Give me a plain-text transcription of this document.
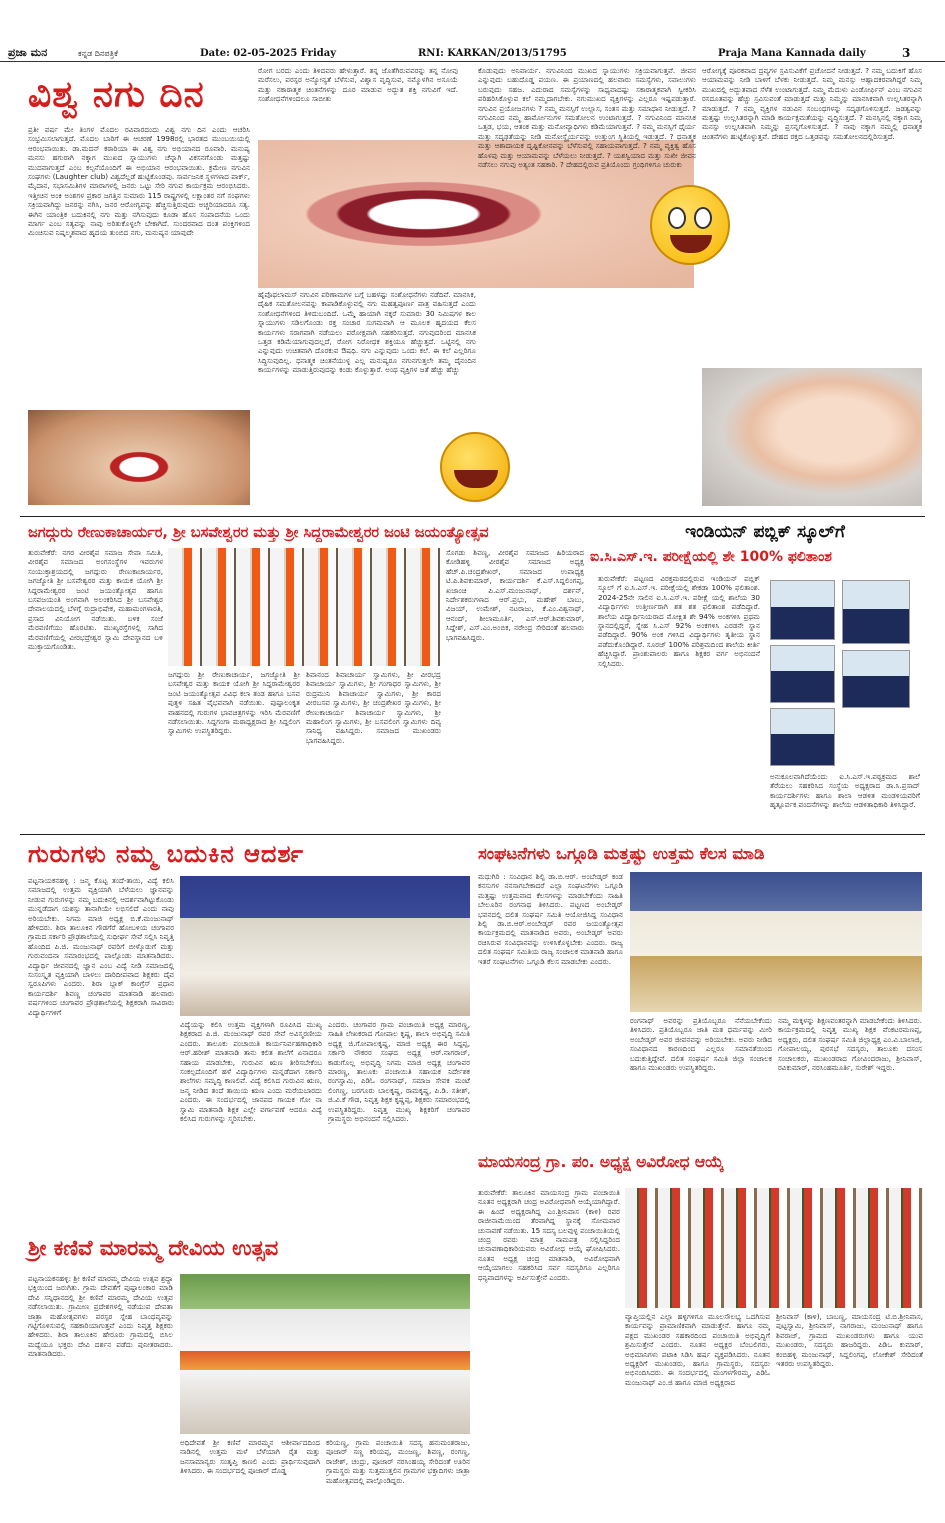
ಪ್ರಜಾ ಮನ	ಕನ್ನಡ ದಿನಪತ್ರಿಕೆ	Date: 02-05-2025 Friday	RNI: KARKAN/2013/51795	Praja Mana Kannada daily	3
ವಿಶ್ವ ನಗು ದಿನ
ಪ್ರತೀ ವರ್ಷ ಮೇ ತಿಂಗಳ ಮೊದಲ ರವಿವಾರದಂದು ವಿಶ್ವ ನಗು ದಿನ ಎಂದು ಆಚರಿಸಿ ಸಂಭ್ರಮಿಸಲಾಗುತ್ತದೆ. ಮೊದಲ ಬಾರಿಗೆ ಈ ಆಚರಣೆ 1998ರಲ್ಲಿ ಭಾರತದ ಮುಂಬಯಿಯಲ್ಲಿ ಆರಂಭವಾಯಿತು. ಡಾ.ಮದನ್ ಕಠಾರಿಯಾ ಈ ವಿಶ್ವ ನಗು ಅಭಿಯಾನದ ರೂವಾರಿ. ಮನುಷ್ಯ ಮನಸು ಹಗುರಾಗಿ ನಕ್ಕಾಗ ಮುಖದ ಸ್ನಾಯುಗಳು ಚೆನ್ನಾಗಿ ವಿಕಸನಗೊಂಡು ಮತ್ತಷ್ಟು ಮುದವಾಗುತ್ತದೆ ಎಂಬ ಕಲ್ಪನೆಯೊಂದಿಗೆ ಈ ಅಭಿಯಾನ ಆರಂಭವಾಯಿತು. ಕ್ರಮೇಣ ನಗುವಿನ ಸಂಘಗಳು (Laughter club) ವಿಶ್ವದೆಲ್ಲಡೆ ಹುಟ್ಟಿಕೊಂಡವು. ಸಾರ್ವಜನಿಕ ಸ್ಥಳಗಳಾದ ಪಾರ್ಕ್, ಮೈದಾನ, ಸಭಾಸಮಿತಿಗಳ ಮಾರಾಗಳಲ್ಲಿ ಜನರು ಒಟ್ಟು ಸೇರಿ ನಗುವ ಕಾರ್ಯಕ್ರಮ ಆರಂಭಿಸಿದರು. ಇತ್ತೀಚಿನ ಅಂಕಿ ಅಂಶಗಳ ಪ್ರಕಾರ ಜಗತ್ತಿನ ಸುಮಾರು 115 ರಾಷ್ಟ್ರಗಳಲ್ಲಿ ಲಕ್ಷಾಂತರ ನಗೆ ಸಂಘಗಳು ಸಕ್ರಿಯವಾಗಿದ್ದು ಜನರನ್ನು ನಗಿಸಿ, ಜನರ ಆರೋಗ್ಯವನ್ನು ಹೆಚ್ಚಿಸುತ್ತಿರುವುದು ಅಚ್ಚರಿಯಾದರೂ ಸತ್ಯ. ಈಗಿನ ಯಾಂತ್ರಿಕ ಬದುಕಿನಲ್ಲಿ ನಗು ಮತ್ತು ನಗಿಸುವುದು ಕೂಡಾ ಹೊಸ ಸಂಪಾದನೆಯ ಒಂದು ಮಾರ್ಗ ಎಂಬ ಸತ್ಯವನ್ನು ನಾವು ಅರಿತುಕೊಳ್ಳಲೇ ಬೇಕಾಗಿದೆ. ಸುಂದರವಾದ ದಂತ ಪಂಕ್ತಿಗಳಿಂದ ಮಿಂಚಿಸುವ ನಿಷ್ಕಲ್ಮಶವಾದ ಹೃದಯ ತುಂಬಿದ ನಗು, ಮನುಷ್ಯನ ಯಾವುದೇ
ರೋಗ ಬರದು ಎಂದು ತಿಳಿದವರು ಹೇಳುತ್ತಾರೆ. ತನ್ನ ಜೊತೆಗಿರುವವರನ್ನು ತನ್ನ ನೋವು ಮರೆಸಲು, ಪರಸ್ಪರ ಅನ್ಯೋನ್ಯತೆ ಬೆಳೆಸುವ, ವಿಶ್ವಾಸ ವೃದ್ಧಿಸುವ, ನಮ್ಮೊಳಗಿನ ಅಸೂಯೆ ಮತ್ತು ನಕಾರಾತ್ಮಕ ಚಿಂತನೆಗಳನ್ನು ದೂರ ಮಾಡುವ ಅದ್ಭುತ ಶಕ್ತಿ ನಗುವಿಗೆ ಇದೆ. ಸಂಶೋಧನೆಗಳಿಂದಲೂ ಸಾಬೀತು
ಹೈಪೊಥಲಾಮಸ್ ನಗುವಿನ ಪರಿಣಾಮಗಳ ಬಗ್ಗೆ ಬಹಳಷ್ಟು ಸಂಶೋಧನೆಗಳು ನಡೆದಿವೆ. ಮಾನಸಿಕ, ದೈಹಿಕ ಸಮತೋಲನವನ್ನು ಕಾಪಾಡಿಕೊಳ್ಳುವಲ್ಲಿ ನಗು ಮಹತ್ವಪೂರ್ಣ ಪಾತ್ರ ವಹಿಸುತ್ತದೆ ಎಂದು ಸಂಶೋಧನೆಗಳಿಂದ ತಿಳಿದುಬಂದಿದೆ. ಒಮ್ಮೆ ಹಾಯಾಗಿ ನಕ್ಕರೆ ಸುಮಾರು 30 ನಿಮಿಷಗಳ ಕಾಲ ಸ್ನಾಯುಗಳು ಸಡಿಲಗೊಂಡು ರಕ್ತ ಸಂಚಾರ ಸುಗಮವಾಗಿ ಆ ಮೂಲಕ ಹೃದಯದ ಕೆಲಸ ಕಾರ್ಯಗಳು ಸರಾಗವಾಗಿ ನಡೆಯಲು ಪರೋಕ್ಷವಾಗಿ ಸಹಕರಿಸುತ್ತದೆ. ನಗುವುದರಿಂದ ಮಾನಸಿಕ ಒತ್ತಡ ಕಡಿಮೆಯಾಗುವುದಲ್ಲದೆ, ರೋಗ ನಿರೋಧಕ ಶಕ್ತಿಯೂ ಹೆಚ್ಚುತ್ತದೆ. ಒಟ್ಟಿನಲ್ಲಿ ನಗು ಎನ್ನುವುದು ಉಚಿತವಾಗಿ ದೊರಕುವ ಔಷಧಿ. ನಗು ಎನ್ನುವುದು ಒಂದು ಕಲೆ. ಈ ಕಲೆ ಎಲ್ಲರಿಗೂ ಸಿದ್ಧಿಸುವುದಿಲ್ಲ. ಧನಾತ್ಮಕ ಚಿಂತನೆಯುಳ್ಳ ಎಲ್ಲ ಮನುಷ್ಯರೂ ನಗುನಗುತ್ತಲೇ ತಮ್ಮ ದೈನಂದಿನ ಕಾರ್ಯಗಳನ್ನು ಮಾಡುತ್ತಿರುವುದನ್ನು ಕಂಡು ಕೊಳ್ಳುತ್ತಾರೆ. ಅಂಥ ವ್ಯಕ್ತಿಗಳ ಜತೆ ಹೆಚ್ಚು ಹೆಚ್ಚು
ಕೊಡುವುದು ಅನಿವಾರ್ಯ. ನಗುವಿನಿಂದ ಮುಖದ ಸ್ನಾಯುಗಳು ಸಕ್ರಿಯವಾಗುತ್ತವೆ. ಜೀವನ ಎನ್ನುವುದು ಬಹುದೊಡ್ಡ ಪಯಣ. ಈ ಪ್ರಯಾಣದಲ್ಲಿ ಹಲವಾರು ಸಮಸ್ಯೆಗಳು, ಸವಾಲುಗಳು ಬರುವುದು ಸಹಜ. ಎದುರಾದ ಸಮಸ್ಯೆಗಳನ್ನು ಸಾಧ್ಯವಾದಷ್ಟು ಸಕಾರಾತ್ಮಕವಾಗಿ ಸ್ವೀಕರಿಸಿ ಪರಿಹರಿಸಿಕೊಳ್ಳುವ ಕಲೆ ನಮ್ಮದಾಗಬೇಕು. ನಗುಮುಖದ ವ್ಯಕ್ತಿಗಳನ್ನು ಎಲ್ಲರೂ ಇಷ್ಟಪಡುತ್ತಾರೆ. ನಗುವಿನ ಪ್ರಯೋಜನಗಳು ? ನಮ್ಮ ಮನಸ್ಸಿಗೆ ಉಲ್ಲಾಸ, ಸಂತಸ ಮತ್ತು ಸಮಾಧಾನ ನೀಡುತ್ತದೆ. ? ನಗುವಿನಿಂದ ನಮ್ಮ ಹಾರ್ಮೋನುಗಳ ಸಮತೋಲನ ಉಂಟಾಗುತ್ತದೆ. ? ನಗುವಿನಿಂದ ಮಾನಸಿಕ ಒತ್ತಡ, ಭಯ, ಆತಂಕ ಮತ್ತು ಮನೋವ್ಯಾಧಿಗಳು ಕಡಿಮೆಯಾಗುತ್ತವೆ. ? ನಮ್ಮ ಮನಸ್ಸಿಗೆ ಧೈರ್ಯ ಮತ್ತು ಸದೃಢತೆಯನ್ನು ನೀಡಿ ಮನೋಸ್ಥೈರ್ಯವನ್ನು ಉತ್ತುಂಗ ಸ್ಥಿತಿಯಲ್ಲಿ ಇಡುತ್ತದೆ. ? ಧನಾತ್ಮಕ ಮತ್ತು ಆಶಾದಾಯಕ ದೃಷ್ಟಿಕೋನವನ್ನು ಬೆಳೆಸುವಲ್ಲಿ ಸಹಾಯವಾಗುತ್ತದೆ. ? ನಮ್ಮ ವ್ಯಕ್ತಿತ್ವ ಹೊಸ ಹೊಳಪು ಮತ್ತು ಆಯಾಮವನ್ನು ಬೆಳೆಯಲು ನೀಡುತ್ತದೆ. ? ಯಶಸ್ವಿಯಾದ ಮತ್ತು ಸುಖೀ ಜೀವನ ನಡೆಸಲು ನಗುವು ಅತ್ಯಂತ ಸಹಕಾರಿ. ? ದೇಹದಲ್ಲಿರುವ ಪ್ರತಿಯೊಂದು ಗ್ರಂಥಿಗಳಿಗೂ ಚುರುಕು
ಆರೋಗ್ಯಕ್ಕೆ ಪೂರಕವಾದ ದ್ರವ್ಯಗಳ ಸ್ರವಿಸುವಿಕೆಗೆ ಪ್ರಚೋದನೆ ನೀಡುತ್ತದೆ. ? ನಮ್ಮ ಬದುಕಿಗೆ ಹೊಸ ಆಯಾಮವನ್ನು ನೀಡಿ ಬಾಳಿಗೆ ಬೆಳಕು ನೀಡುತ್ತದೆ. ನಿಮ್ಮ ಮನಸ್ಸು ಆಹ್ಲಾದಕರವಾಗಿದ್ದರೆ ನಿಮ್ಮ ಮುಖದಲ್ಲಿ ಅದ್ಭುತವಾದ ಸೆಳೆತ ಉಂಟಾಗುತ್ತದೆ. ನಿಮ್ಮ ಮೆದುಳು ಎಂಡೋರ್ಫಿನ್ ಎಂಬ ನಗುವಿನ ರಸದೂತವನ್ನು ಹೆಚ್ಚು ಸ್ರವಿಸುವಂತೆ ಮಾಡುತ್ತದೆ ಮತ್ತು ನಿಮ್ಮನ್ನು ಮಾನಸಿಕವಾಗಿ ಉಲ್ಲಸಿತರನ್ನಾಗಿ ಮಾಡುತ್ತದೆ. ? ನಮ್ಮ ವ್ಯಕ್ತಿಗಳ ನಡುವಿನ ಸಂಬಂಧಗಳನ್ನು ಸದೃಢಗೊಳಿಸುತ್ತದೆ. ಜಡತ್ವವನ್ನು ಮತ್ತಷ್ಟು ಉಲ್ಲಸಿತರನ್ನಾಗಿ ಮಾಡಿ ಕಾರ್ಯಕ್ಷಮತೆಯನ್ನು ವೃದ್ಧಿಸುತ್ತದೆ. ? ಮನಸ್ಸಿನಲ್ಲಿ ನಕ್ಕಾಗ ನಿಮ್ಮ ಮನಸ್ಸು ಉಲ್ಲಸಿತವಾಗಿ ನಿಮ್ಮನ್ನು ಪ್ರಸನ್ನಗೊಳಿಸುತ್ತದೆ. ? ನಾವು ನಕ್ಕಾಗ ನಮ್ಮಲ್ಲಿ ಧನಾತ್ಮಕ ಚಿಂತನೆಗಳು ಹುಟ್ಟಿಕೊಳ್ಳುತ್ತವೆ. ದೇಹದ ರಕ್ತದ ಒತ್ತಡವನ್ನು ಸಮತೋಲನದಲ್ಲಿರಿಸುತ್ತದೆ.
ಜಗದ್ಗುರು ರೇಣುಕಾಚಾರ್ಯರ, ಶ್ರೀ ಬಸವೇಶ್ವರರ ಮತ್ತು ಶ್ರೀ ಸಿದ್ದರಾಮೇಶ್ವರರ ಜಂಟಿ ಜಯಂತ್ಯೋತ್ಸವ
ತುರುವೇಕೆರೆ: ನಗರ ವೀರಶೈವ ಸಮಾಜ ಸೇವಾ ಸಮಿತಿ, ವೀರಶೈವ ಸಮಾಜದ ಅಂಗಸಂಸ್ಥೆಗಳ ಇವರುಗಳ ಸಂಯುಕ್ತಾಶ್ರಯದಲ್ಲಿ ಜಗದ್ಗುರು ರೇಣುಕಾಚಾರ್ಯರ, ಜಗಜ್ಯೋತಿ ಶ್ರೀ ಬಸವೇಶ್ವರರ ಮತ್ತು ಕಾಯಕ ಯೋಗಿ ಶ್ರೀ ಸಿದ್ದರಾಮೇಶ್ವರರ ಜಂಟಿ ಜಯಂತ್ಯೋತ್ಸವ ಹಾಗೂ ಬಸವಜಯಂತಿ ಅಂಗವಾಗಿ ಅಲಂಕರಿಸಿದ ಶ್ರೀ ಬಸವೇಶ್ವರ ದೇವಾಲಯದಲ್ಲಿ ಬೆಳಗ್ಗೆ ರುದ್ರಾಭಿಷೇಕ, ಮಹಾಮಂಗಳಾರತಿ, ಪ್ರಸಾದ ವಿನಿಯೋಗ ನಡೆಯಿತು. ಬಳಿಕ ಸಂಜೆ ಮೆರವಣಿಗೆಯು ಹೊರಟಿತು. ಮುಖ್ಯರಸ್ತೆಗಳಲ್ಲಿ ಸಾಗಿದ ಮೆರವಣಿಗೆಯಲ್ಲಿ ವೀರಭದ್ರೇಶ್ವರ ಸ್ವಾಮಿ ದೇವಸ್ಥಾನದ ಬಳಿ ಮುಕ್ತಾಯಗೊಂಡಿತು.
ಜಗದ್ಗುರು ಶ್ರೀ ರೇಣುಕಾಚಾರ್ಯ, ಜಗಜ್ಯೋತಿ ಶ್ರೀ ಬಸವೇಶ್ವರ ಮತ್ತು ಕಾಯಕ ಯೋಗಿ ಶ್ರೀ ಸಿದ್ದರಾಮೇಶ್ವರರ ಜಂಟಿ ಜಯಂತ್ಯೋತ್ಸವ ವಿವಿಧ ಕಲಾ ತಂಡ ಹಾಗೂ ಬಸವ ಪುತ್ಥಳಿ ಸಹಿತ ವೈಭವವಾಗಿ ನಡೆಯಿತು. ಪುಷ್ಪಾಲಂಕೃತ ವಾಹನದಲ್ಲಿ ಗುರುಗಳ ಭಾವಚಿತ್ರಗಳನ್ನು ಇರಿಸಿ ಮೆರವಣಿಗೆ ನಡೆಸಲಾಯಿತು. ಸಿದ್ದಗಂಗಾ ಮಠಾಧ್ಯಕ್ಷರಾದ ಶ್ರೀ ಸಿದ್ದಲಿಂಗ ಸ್ವಾಮಿಗಳು ಉಪಸ್ಥಿತರಿದ್ದರು.
ಶಿವಾನಂದ ಶಿವಾಚಾರ್ಯ ಸ್ವಾಮಿಗಳು, ಶ್ರೀ ವೀರಭದ್ರ ಶಿವಾಚಾರ್ಯ ಸ್ವಾಮಿಗಳು, ಶ್ರೀ ಗಂಗಾಧರ ಸ್ವಾಮಿಗಳು, ಶ್ರೀ ರುದ್ರಮುನಿ ಶಿವಾಚಾರ್ಯ ಸ್ವಾಮಿಗಳು, ಶ್ರೀ ಕಾರದ ವೀರಬಸವ ಸ್ವಾಮಿಗಳು, ಶ್ರೀ ಚಂದ್ರಶೇಖರ ಸ್ವಾಮಿಗಳು, ಶ್ರೀ ರೇಣುಕಾಚಾರ್ಯ ಶಿವಾಚಾರ್ಯ ಸ್ವಾಮಿಗಳು, ಶ್ರೀ ಮಹಾಲಿಂಗ ಸ್ವಾಮಿಗಳು, ಶ್ರೀ ಬಸವಲಿಂಗ ಸ್ವಾಮಿಗಳು ದಿವ್ಯ ಸಾನಿಧ್ಯ ವಹಿಸಿದ್ದರು. ಸಮಾಜದ ಮುಖಂಡರು ಭಾಗವಹಿಸಿದ್ದರು.
ಸೊಗಡು ಶಿವಣ್ಣ, ವೀರಶೈವ ಸಮಾಜದ ಹಿರಿಯರಾದ ಕೋಡಿಹಳ್ಳಿ ವೀರಶೈವ ಸಮಾಜದ ಅಧ್ಯಕ್ಷ ಹೆಚ್.ಪಿ.ಚಂದ್ರಶೇಖರ್, ಸಮಾಜದ ಉಪಾಧ್ಯಕ್ಷ ಟಿ.ಪಿ.ಶಿವಕುಮಾರ್, ಕಾರ್ಯದರ್ಶಿ ಕೆ.ಎಸ್.ಸಿದ್ದಲಿಂಗಪ್ಪ, ಖಜಾಂಚಿ ಪಿ.ಎಸ್.ಮಂಜುನಾಥ್, ದರ್ಶನ್, ನಿರ್ದೇಶಕರುಗಳಾದ ಆರ್.ಪ್ರಭು, ಮಹೇಶ್ ಬಾಬು, ವಿಜಯ್, ಉಮೇಶ್, ನಟರಾಜು, ಕೆ.ಎಂ.ವಿಶ್ವನಾಥ್, ಆನಂದ್, ಶೀಲಾಮೂರ್ತಿ, ಎಸ್.ಆರ್.ಶಿವಕುಮಾರ್, ಸಿದ್ದೇಶ್, ಎಸ್.ಎಂ.ಅಂಬಿಕ, ನರೇಂದ್ರ ಸೇರಿದಂತೆ ಹಲವಾರು ಭಾಗವಹಿಸಿದ್ದರು.
ಇಂಡಿಯನ್ ಪಬ್ಲಿಕ್ ಸ್ಕೂಲ್‌ಗೆ
ಐ.ಸಿ.ಎಸ್.ಇ. ಪರೀಕ್ಷೆಯಲ್ಲಿ ಶೇ 100% ಫಲಿತಾಂಶ
ತುರುವೇಕೆರೆ: ಪಟ್ಟಣದ ವಿರಕ್ತಮಠದಲ್ಲಿರುವ ಇಂಡಿಯನ್ ಪಬ್ಲಿಕ್ ಸ್ಕೂಲ್ ಗೆ ಐ.ಸಿ.ಎಸ್.ಇ. ಪರೀಕ್ಷೆಯಲ್ಲಿ ಶೇಕಡಾ 100% ಫಲಿತಾಂಶ. 2024-25ನೇ ಸಾಲಿನ ಐ.ಸಿ.ಎಸ್.ಇ. ಪರೀಕ್ಷೆ ಯಲ್ಲಿ ಶಾಲೆಯ 30 ವಿದ್ಯಾರ್ಥಿಗಳು ಉತ್ತೀರ್ಣರಾಗಿ ಶತ ಶತ ಫಲಿತಾಂಶ ಪಡೆದಿದ್ದಾರೆ. ಶಾಲೆಯ ವಿದ್ಯಾರ್ಥಿನಿಯರಾದ ಮೋಕ್ಷಿತ ಶೇ 94% ಅಂಕಗಳಿಸಿ ಪ್ರಥಮ ಸ್ಥಾನದಲ್ಲಿದ್ದರೆ, ಸ್ನೇಹ ಸಿ.ಎಸ್ 92% ಅಂಕಗಳಿಸಿ ಎರಡನೇ ಸ್ಥಾನ ಪಡೆದಿದ್ದಾರೆ. 90% ಅಂಕ ಗಳಿಸಿದ ವಿದ್ಯಾರ್ಥಿಗಳು ತೃತೀಯ ಸ್ಥಾನ ಪಡೆದುಕೊಂಡಿದ್ದಾರೆ. ಸೂರಜ್ 100% ಪರಿಶ್ರಮದಿಂದ ಶಾಲೆಯ ಕೀರ್ತಿ ಹೆಚ್ಚಿಸಿದ್ದಾರೆ. ಪ್ರಾಂಶುಪಾಲರು ಹಾಗೂ ಶಿಕ್ಷಕರ ವರ್ಗ ಅಭಿನಂದನೆ ಸಲ್ಲಿಸಿದರು.
ಅನುಕೂಲವಾಗಿದೆಯೆಂದು ಐ.ಸಿ.ಎಸ್.ಇ.ಪಠ್ಯಕ್ರಮದ ಶಾಲೆ ತೆರೆಯಲು ಸಹಕರಿಸಿದ ಸಂಸ್ಥೆಯ ಅಧ್ಯಕ್ಷರಾದ ಡಾ.ಸಿ.ಪ್ರಸಾದ್ ಕಾರ್ಯದರ್ಶಿಗಳು ಹಾಗೂ ಶಾಲಾ ಆಡಳಿತ ಮಂಡಳಿಯವರಿಗೆ ಹೃತ್ಪೂರ್ವಕ ವಂದನೆಗಳನ್ನು ಶಾಲೆಯ ಆಡಳಿತಾಧಿಕಾರಿ ತಿಳಿಸಿದ್ದಾರೆ.
ಗುರುಗಳು ನಮ್ಮ ಬದುಕಿನ ಆದರ್ಶ
ಪಟ್ಟನಾಯಕನಹಳ್ಳಿ : ಜನ್ಮ ಕೊಟ್ಟ ತಂದೆ-ತಾಯಿ, ವಿದ್ಯೆ ಕಲಿಸಿ ಸಮಾಜದಲ್ಲಿ ಉತ್ತಮ ವ್ಯಕ್ತಿಯಾಗಿ ಬೆಳೆಯಲು ಜ್ಞಾನವನ್ನು ನೀಡುವ ಗುರುಗಳನ್ನು ನಮ್ಮ ಬದುಕಿನಲ್ಲಿ ಆದರ್ಶವಾಗಿಟ್ಟುಕೊಂಡು ಮುನ್ನಡೆದಾಗ ಯಶಸ್ಸು ತಾನಾಗಿಯೇ ಲಭಿಸಲಿದೆ ಎಂದು ನಾವು ಅರಿಯಬೇಕು. ನಿಗಮ ಮಾಜಿ ಅಧ್ಯಕ್ಷ ಬಿ.ಕೆ.ಮಂಜುನಾಥ್ ಹೇಳಿದರು. ಶಿರಾ ತಾಲೂಕಿನ ಗೌಡಗೆರೆ ಹೋಬಳಿಯ ಚಂಗಾವರ ಗ್ರಾಮದ ಸರ್ಕಾರಿ ಪ್ರೌಢಶಾಲೆಯಲ್ಲಿ ಸುಧೀರ್ಘ ಸೇವೆ ಸಲ್ಲಿಸಿ ನಿವೃತ್ತಿ ಹೊಂದಿದ ಪಿ.ಜಿ. ಮಂಜುನಾಥ್ ರವರಿಗೆ ಬೀಳ್ಕೊಡುಗೆ ಮತ್ತು ಗುರುವಂದನಾ ಸಮಾರಂಭದಲ್ಲಿ ಪಾಲ್ಗೊಂಡು ಮಾತನಾಡಿದರು. ವಿದ್ಯಾರ್ಥಿ ಜೀವನದಲ್ಲಿ ಜ್ಞಾನ ಎಂಬ ವಿದ್ಯೆ ನೀಡಿ ಸಮಾಜದಲ್ಲಿ ಸುಸಂಸ್ಕೃತ ವ್ಯಕ್ತಿಯಾಗಿ ಬಾಳಲು ದಾರಿದೀಪವಾದ ಶಿಕ್ಷಕರು ದೈವ ಸ್ವರೂಪಿಗಳು ಎಂದರು. ಶಿರಾ ಬ್ಲಾಕ್ ಕಾಂಗ್ರೆಸ್ ಪ್ರಧಾನ ಕಾರ್ಯದರ್ಶಿ ಶಿವಣ್ಣ ಚಂಗಾವರ ಮಾತನಾಡಿ ಹಲವಾರು ವರ್ಷಗಳಿಂದ ಚಂಗಾವರ ಪ್ರೌಢಶಾಲೆಯಲ್ಲಿ ಶಿಕ್ಷಕರಾಗಿ ಸಾವಿರಾರು ವಿದ್ಯಾರ್ಥಿಗಳಿಗೆ
ವಿದ್ಯೆಯನ್ನು ಕಲಿಸಿ ಉತ್ತಮ ವ್ಯಕ್ತಿಗಳಾಗಿ ರೂಪಿಸಿದ ಮುಖ್ಯ ಶಿಕ್ಷಕರಾದ ಪಿ.ಜಿ. ಮಂಜುನಾಥ್ ರವರ ಸೇವೆ ಅವಿಸ್ಮರಣೀಯ ಎಂದರು. ತಾಲೂಕು ಪಂಚಾಯಿತಿ ಕಾರ್ಯನಿರ್ವಹಣಾಧಿಕಾರಿ ಆರ್.ಹರೀಶ್ ಮಾತನಾಡಿ ತಾನು ಕಲಿತ ಶಾಲೆಗೆ ಏನಾದರೂ ಸಹಾಯ ಮಾಡಬೇಕು, ಗುರುವಿನ ಋಣ ತೀರಿಸಬೇಕೆಂಬ ಸಂಕಲ್ಪದೊಂದಿಗೆ ಹಳೆ ವಿದ್ಯಾರ್ಥಿಗಳು ಮನ್ನಡೆದಾಗ ಸರ್ಕಾರಿ ಶಾಲೆಗಳು ಸಮೃದ್ಧಿ ಕಾಣಲಿವೆ. ವಿದ್ಯೆ ಕಲಿಸಿದ ಗುರುವಿನ ಋಣ, ಜನ್ಮ ನೀಡಿದ ತಂದೆ ತಾಯಿಯ ಋಣ ಎಂದು ಮರೆಯಬಾರದು ಎಂದರು. ಈ ಸಂದರ್ಭದಲ್ಲಿ ಜಾನಪದ ಗಾಯಕ ಗೋ ನಾ ಸ್ವಾಮಿ ಮಾತನಾಡಿ ಶಿಕ್ಷಕ ಎಲ್ಲೇ ವರ್ಗಾವಣೆ ಆದರೂ ವಿದ್ಯೆ ಕಲಿಸಿದ ಗುರುಗಳನ್ನು ಸ್ಮರಿಸಬೇಕು.
ಎಂದರು. ಚಂಗಾವರ ಗ್ರಾಮ ಪಂಚಾಯಿತಿ ಅಧ್ಯಕ್ಷ ಮಾರಣ್ಣ, ಸಾಹಿತಿ ಲೇಖಕರಾದ ಗೋಪಾಲ ಕೃಷ್ಣ, ಶಾಲಾ ಅಭಿವೃದ್ಧಿ ಸಮಿತಿ ಅಧ್ಯಕ್ಷ ಜಿ.ಗೋಪಾಲಕೃಷ್ಣ, ಮಾಜಿ ಅಧ್ಯಕ್ಷ ಈರ ಸಿದ್ದಪ್ಪ, ಸರ್ಕಾರಿ ನೌಕರರ ಸಂಘದ ಅಧ್ಯಕ್ಷ ಆರ್.ನಾಗರಾಜ್, ಕಾಡುಗೊಲ್ಲ ಅಭಿವೃದ್ಧಿ ನಿಗಮ ಮಾಜಿ ಅಧ್ಯಕ್ಷ ಚಂಗಾವರ ಮಾರಣ್ಣ, ತಾಲೂಕು ಪಂಚಾಯಿತಿ ಸಹಾಯಕ ನಿರ್ದೇಶಕ ರಂಗಸ್ವಾಮಿ, ಪಿಡಿಓ ರಂಗನಾಥ್, ಸಮಾಜ ಸೇವಕ ಮಂಟೆ ಲಿಂಗಣ್ಣ, ಬರಗೂರು ಬಾಲಕೃಷ್ಣ, ರಾಮಕೃಷ್ಣ, ಪಿ.ಡಿ. ಸತೀಶ್, ಜಿ.ವಿ.ಕೆ ಗೌಡ, ನಿವೃತ್ತ ಶಿಕ್ಷಕ ಕೃಷ್ಣಪ್ಪ, ಶಿಕ್ಷಕರು ಸಮಾರಂಭದಲ್ಲಿ ಉಪಸ್ಥಿತರಿದ್ದರು. ನಿವೃತ್ತ ಮುಖ್ಯ ಶಿಕ್ಷಕರಿಗೆ ಚಂಗಾವರ ಗ್ರಾಮಸ್ಥರು ಅಭಿನಂದನೆ ಸಲ್ಲಿಸಿದರು.
ಸಂಘಟನೆಗಳು ಒಗ್ಗೂಡಿ ಮತ್ತಷ್ಟು ಉತ್ತಮ ಕೆಲಸ ಮಾಡಿ
ಮಧುಗಿರಿ : ಸಂವಿಧಾನ ಶಿಲ್ಪಿ ಡಾ.ಬಿ.ಆರ್. ಅಂಬೇಡ್ಕರ್ ಕಂಡ ಕನಸುಗಳ ನನಸಾಗಬೇಕಾದರೆ ಎಲ್ಲಾ ಸಂಘಟನೆಗಳು ಒಗ್ಗೂಡಿ ಮತ್ತಷ್ಟು ಉತ್ತಮವಾದ ಕೆಲಸಗಳನ್ನು ಮಾಡಬೇಕೆಂದು ಸಾಹಿತಿ ಬೇಲೂರಿನ ರಂಗನಾಥ ತಿಳಿಸಿದರು. ಪಟ್ಟಣದ ಅಂಬೇಡ್ಕರ್ ಭವನದಲ್ಲಿ ದಲಿತ ಸಂಘರ್ಷ ಸಮಿತಿ ಆಯೋಜಿಸಿದ್ದ ಸಂವಿಧಾನ ಶಿಲ್ಪಿ ಡಾ.ಬಿ.ಆರ್.ಅಂಬೇಡ್ಕರ್ ರವರ ಜಯಂತ್ಯೋತ್ಸವ ಕಾರ್ಯಕ್ರಮದಲ್ಲಿ ಮಾತನಾಡಿದ ಅವರು, ಅಂಬೇಡ್ಕರ್ ಅವರು ರಚಿಸಿರುವ ಸಂವಿಧಾನವನ್ನು ಉಳಿಸಿಕೊಳ್ಳಬೇಕು ಎಂದರು. ರಾಜ್ಯ ದಲಿತ ಸಂಘರ್ಷ ಸಮಿತಿಯ ರಾಜ್ಯ ಸಂಚಾಲಕ ಮಾತನಾಡಿ ಹಾಗೂ ಇತರೆ ಸಂಘಟನೆಗಳು ಒಗ್ಗೂಡಿ ಕೆಲಸ ಮಾಡಬೇಕು ಎಂದರು.
ರಂಗನಾಥ್ ಅವರನ್ನು ಪ್ರತಿಯೊಬ್ಬರೂ ನೆನೆಯಬೇಕೆಂದು ತಿಳಿಸಿದರು. ಪ್ರತಿಯೊಬ್ಬರೂ ಜಾತಿ ಮತ ಧರ್ಮವನ್ನು ಮೀರಿ ಅಂಬೇಡ್ಕರ್ ಅವರ ಜೀವನವನ್ನು ಅರಿಯಬೇಕು. ಅವರು ನೀಡಿದ ಸಂವಿಧಾನದ ಕಾರಣದಿಂದ ಎಲ್ಲರೂ ಸಮಾನತೆಯಿಂದ ಬದುಕುತ್ತಿದ್ದೇವೆ. ದಲಿತ ಸಂಘರ್ಷ ಸಮಿತಿ ಜಿಲ್ಲಾ ಸಂಚಾಲಕ ಹಾಗೂ ಮುಖಂಡರು ಉಪಸ್ಥಿತರಿದ್ದರು.
ನಮ್ಮ ಮಕ್ಕಳನ್ನು ಶಿಕ್ಷಣವಂತರನ್ನಾಗಿ ಮಾಡಬೇಕೆಂದು ತಿಳಿಸಿದರು. ಕಾರ್ಯಕ್ರಮದಲ್ಲಿ ನಿವೃತ್ತ ಮುಖ್ಯ ಶಿಕ್ಷಕ ವೆಂಕಟರಮಣಪ್ಪ, ಅಧ್ಯಕ್ಷರು, ದಲಿತ ಸಂಘರ್ಷ ಸಮಿತಿ ಜಿಲ್ಲಾಧ್ಯಕ್ಷ ಎಂ.ವಿ.ಬಾಲಾಜಿ, ಗೋಪಾಲಯ್ಯ, ಪುರಸಭೆ ಸದಸ್ಯರು, ತಾಲೂಕು ದಸಂಸ ಸಂಚಾಲಕರು, ಮುಖಂಡರಾದ ಗೋವಿಂದರಾಜು, ಶ್ರೀನಿವಾಸ್, ರವಿಕುಮಾರ್, ನರಸಿಂಹಮೂರ್ತಿ, ಸುರೇಶ್ ಇದ್ದರು.
ಮಾಯಸಂದ್ರ ಗ್ರಾ. ಪಂ. ಅಧ್ಯಕ್ಷ ಅವಿರೋಧ ಆಯ್ಕೆ
ತುರುವೇಕೆರೆ: ತಾಲೂಕಿನ ಮಾಯಸಂದ್ರ ಗ್ರಾಮ ಪಂಚಾಯಿತಿ ನೂತನ ಅಧ್ಯಕ್ಷರಾಗಿ ಚಂದ್ರ ಅವಿರೋಧವಾಗಿ ಆಯ್ಕೆಯಾಗಿದ್ದಾರೆ. ಈ ಹಿಂದೆ ಅಧ್ಯಕ್ಷರಾಗಿದ್ದ ಎಂ.ಶ್ರೀನಿವಾಸ (ಕಾಳಿ) ರವರ ರಾಜೀನಾಮೆಯಿಂದ ತೆರವಾಗಿದ್ದ ಸ್ಥಾನಕ್ಕೆ ಸೋಮವಾರ ಚುನಾವಣೆ ನಡೆಯಿತು. 15 ಸದಸ್ಯ ಬಲವುಳ್ಳ ಪಂಚಾಯಿತಿಯಲ್ಲಿ ಚಂದ್ರ ರವರು ಮಾತ್ರ ನಾಮಪತ್ರ ಸಲ್ಲಿಸಿದ್ದರಿಂದ ಚುನಾವಣಾಧಿಕಾರಿಯವರು ಅವಿರೋಧ ಆಯ್ಕೆ ಘೋಷಿಸಿದರು. ನೂತನ ಅಧ್ಯಕ್ಷ ಚಂದ್ರ ಮಾತನಾಡಿ, ಅವಿರೋಧವಾಗಿ ಆಯ್ಕೆಯಾಗಲು ಸಹಕರಿಸಿದ ಸರ್ವ ಸದಸ್ಯರಿಗೂ ಎಲ್ಲರಿಗೂ ಧನ್ಯವಾದಗಳನ್ನು ಅರ್ಪಿಸುತ್ತೇನೆ ಎಂದರು.
ವ್ಯಾಪ್ತಿಯಲ್ಲಿನ ಎಲ್ಲಾ ಹಳ್ಳಿಗಳಿಗೂ ಮೂಲಸೌಲಭ್ಯ ಒದಗಿಸುವ ಕಾರ್ಯವನ್ನು ಪ್ರಾಮಾಣಿಕವಾಗಿ ಮಾಡುತ್ತೇನೆ. ಹಾಗೂ ನಮ್ಮ ಪಕ್ಷದ ಮುಖಂಡರ ಸಹಕಾರದಿಂದ ಪಂಚಾಯಿತಿ ಅಭಿವೃದ್ಧಿಗೆ ಶ್ರಮಿಸುತ್ತೇನೆ ಎಂದರು. ನೂತನ ಅಧ್ಯಕ್ಷರ ಬೆಂಬಲಿಗರು, ಅಭಿಮಾನಿಗಳು ಪಟಾಕಿ ಸಿಡಿಸಿ ಹರ್ಷ ವ್ಯಕ್ತಪಡಿಸಿದರು. ನೂತನ ಅಧ್ಯಕ್ಷರಿಗೆ ಮುಖಂಡರು, ಹಾಗೂ ಗ್ರಾಮಸ್ಥರು, ಸದಸ್ಯರು ಅಭಿನಂದಿಸಿದರು. ಈ ಸಂದರ್ಭದಲ್ಲಿ ಮಂಗಳಗೌರಮ್ಮ, ಪಿಡಿಓ ಮಂಜುನಾಥ್ ಎಂ.ಜಿ ಹಾಗೂ ಮಾಜಿ ಅಧ್ಯಕ್ಷರಾದ
ಶ್ರೀನಿವಾಸ್ (ಕಾಳಿ), ಬಾಬಣ್ಣ, ಮಾಯಸಂದ್ರ ಟಿ.ಬಿ.ಶ್ರೀನಿವಾಸ, ಪುಟ್ಟಸ್ವಾಮಿ, ಶ್ರೀನಿವಾಸ್, ನಾಗರಾಜು, ಮಂಜುನಾಥ್ ಹಾಗೂ ಶಿವರಾಜ್, ಗ್ರಾಮದ ಮುಖಂಡರುಗಳು ಹಾಗೂ ಯುವ ಮುಖಂಡರು, ಸದಸ್ಯರು ಹಾಜರಿದ್ದರು. ಪಿಡಿಒ ಕುಮಾರ್, ಕಂಬಿಹಳ್ಳಿ ಮಂಜುನಾಥ್, ಸಿದ್ದಲಿಂಗಪ್ಪ, ಲೋಕೇಶ್ ಸೇರಿದಂತೆ ಇತರರು ಉಪಸ್ಥಿತರಿದ್ದರು.
ಶ್ರೀ ಕಣಿವೆ ಮಾರಮ್ಮ ದೇವಿಯ ಉತ್ಸವ
ಪಟ್ಟನಾಯಕನಹಳ್ಳಿ: ಶ್ರೀ ಕಣಿವೆ ಮಾರಮ್ಮ ದೇವಿಯ ಉತ್ಸವ ಶ್ರದ್ಧಾ ಭಕ್ತಿಯಿಂದ ಜರುಗಿತು. ಗ್ರಾಮ ದೇವತೆಗೆ ಪುಷ್ಪಾಲಂಕಾರ ಮಾಡಿ ದೇವಿ ಸನ್ನಿಧಾನದಲ್ಲಿ ಶ್ರೀ ಕಣಿವೆ ಮಾರಮ್ಮ ದೇವಿಯ ಉತ್ಸವ ನಡೆಸಲಾಯಿತು. ಗ್ರಾಮೀಣ ಪ್ರದೇಶಗಳಲ್ಲಿ ನಡೆಯುವ ದೇವತಾ ಜಾತ್ರಾ ಮಹೋತ್ಸವಗಳು ಪರಸ್ಪರ ಸ್ನೇಹ ಬಾಂಧವ್ಯವನ್ನು ಗಟ್ಟಿಗೊಳಿಸುವಲ್ಲಿ ಸಹಕಾರಿಯಾಗುತ್ತವೆ ಎಂದು ನಿವೃತ್ತ ಶಿಕ್ಷಕರು ಹೇಳಿದರು. ಶಿರಾ ತಾಲೂಕಿನ ಹೇರೂರು ಗ್ರಾಮದಲ್ಲಿ ಬಿಸಿಲ ಮಧ್ಯೆಯೂ ಭಕ್ತರು ದೇವಿ ದರ್ಶನ ಪಡೆದು ಪುನೀತರಾದರು. ಮಾತನಾಡಿದರು.
ಅಧಿದೇವತೆ ಶ್ರೀ ಕಣಿವೆ ಮಾರಮ್ಮನ ಆಶೀರ್ವಾದದಿಂದ ನಾಡಿನಲ್ಲಿ ಉತ್ತಮ ಮಳೆ ಬೆಳೆಯಾಗಿ ರೈತ ಮತ್ತು ಜನಸಾಮಾನ್ಯರು ಸಂತೃಪ್ತಿ ಕಾಣಲಿ ಎಂದು ಪ್ರಾರ್ಥಿಸುವುದಾಗಿ ತಿಳಿಸಿದರು. ಈ ಸಂದರ್ಭದಲ್ಲಿ ಪೂಜಾರ್ ದೊಡ್ಡ
ಕರಿಯಣ್ಣ, ಗ್ರಾಮ ಪಂಚಾಯಿತಿ ಸದಸ್ಯ ಹನುಮಂತರಾಜು, ಪೂಜಾರ್ ಸಣ್ಣ ಕರಿಯಪ್ಪ, ಮಂಜಣ್ಣ, ಶಿವಣ್ಣ, ರಂಗಣ್ಣ, ರಾಜೇಶ್, ಚಂದ್ರು, ಪೂಜಾರ್ ನರಸಿಂಹಯ್ಯ ಸೇರಿದಂತೆ ಊರಿನ ಗ್ರಾಮಸ್ಥರು ಮತ್ತು ಸುತ್ತಮುತ್ತಲಿನ ಗ್ರಾಮಗಳ ಭಕ್ತಾದಿಗಳು ಜಾತ್ರಾ ಮಹೋತ್ಸವದಲ್ಲಿ ಪಾಲ್ಗೊಂಡಿದ್ದರು.
